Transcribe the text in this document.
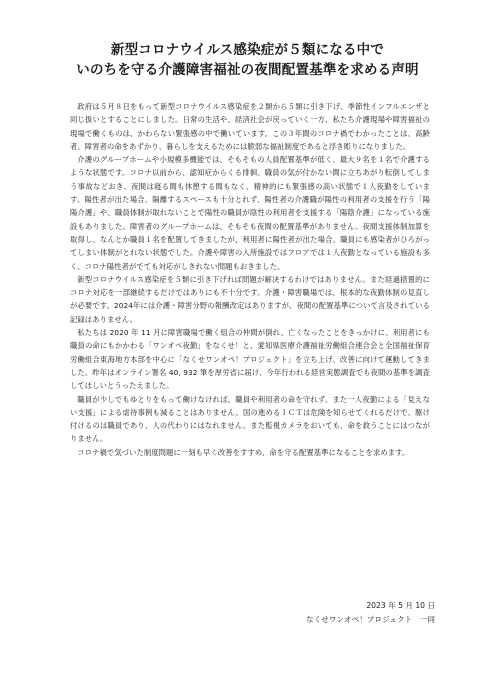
新型コロナウイルス感染症が５類になる中で
いのちを守る介護障害福祉の夜間配置基準を求める声明

政府は５月８日をもって新型コロナウイルス感染症を２類から５類に引き下げ、季節性インフルエンザと同じ扱いとすることにしました。日常の生活や、経済社会が戻っていく一方、私たち介護現場や障害福祉の現場で働くものは、かわらない緊張感の中で働いています。この３年間のコロナ禍でわかったことは、高齢者、障害者の命をあずかり、暮らしを支えるためには脆弱な福祉制度であると浮き彫りになりました。

介護のグループホームや小規模多機能では、そもそもの人員配置基準が低く、最大９名を１名で介護するような状態です。コロナ以前から、認知症からくる徘徊、職員の気が付かない間に立ちあがり転倒してしまう事故などおき、夜間は寝る間も休憩する間もなく、精神的にも緊張感の高い状態で１人夜勤をしています。陽性者が出た場合、隔離するスペースも十分とれず、陽性者の介護職が陽性の利用者の支援を行う「陽陽介護」や、職員体制が取れないことで陽性の職員が陰性の利用者を支援する「陽陰介護」になっている施設もありました。障害者のグループホームは、そもそも夜間の配置基準がありません。夜間支援体制加算を取得し、なんとか職員１名を配置してきましたが、利用者に陽性者が出た場合、職員にも感染者がひろがってしまい体制がとれない状態でした。介護や障害の入所施設ではフロアでは１人夜勤となっている施設も多く、コロナ陽性者がでても対応がしきれない問題もおきました。

新型コロナウイルス感染症を５類に引き下げれば問題が解決するわけではありません。また経過措置的にコロナ対応を一部継続するだけではありにも不十分です。介護・障害職場では、根本的な夜勤体制の見直しが必要です。2024年には介護・障害分野の報酬改定はありますが、夜間の配置基準について言及されている記録はありません。

私たちは 2020 年 11 月に障害職場で働く組合の仲間が倒れ、亡くなったことをきっかけに、利用者にも職員の命にもかかわる「ワンオペ夜勤」をなくせ！と、愛知県医療介護福祉労働組合連合会と全国福祉保育労働組合東海地方本部を中心に「なくせワンオペ！プロジェクト」を立ち上げ、改善に向けて運動してきました。昨年はオンライン署名 40, 932 筆を厚労省に届け、今年行われる経営実態調査でも夜間の基準を調査してほしいとうったえました。

職員が少しでもゆとりをもって働けなければ、職員や利用者の命を守れず、また一人夜勤による「見えない支援」による虐待事例も減ることはありません。国の進めるＩＣＴは危険を知らせてくれるだけで、駆け付けるのは職員であり、人の代わりにはなれません。また監視カメラをおいても、命を救うことにはつながりません。

コロナ禍で気づいた制度問題に一刻も早く改善をすすめ、命を守る配置基準になることを求めます。

2023 年 5 月 10 日
なくせワンオペ！プロジェクト　一同
